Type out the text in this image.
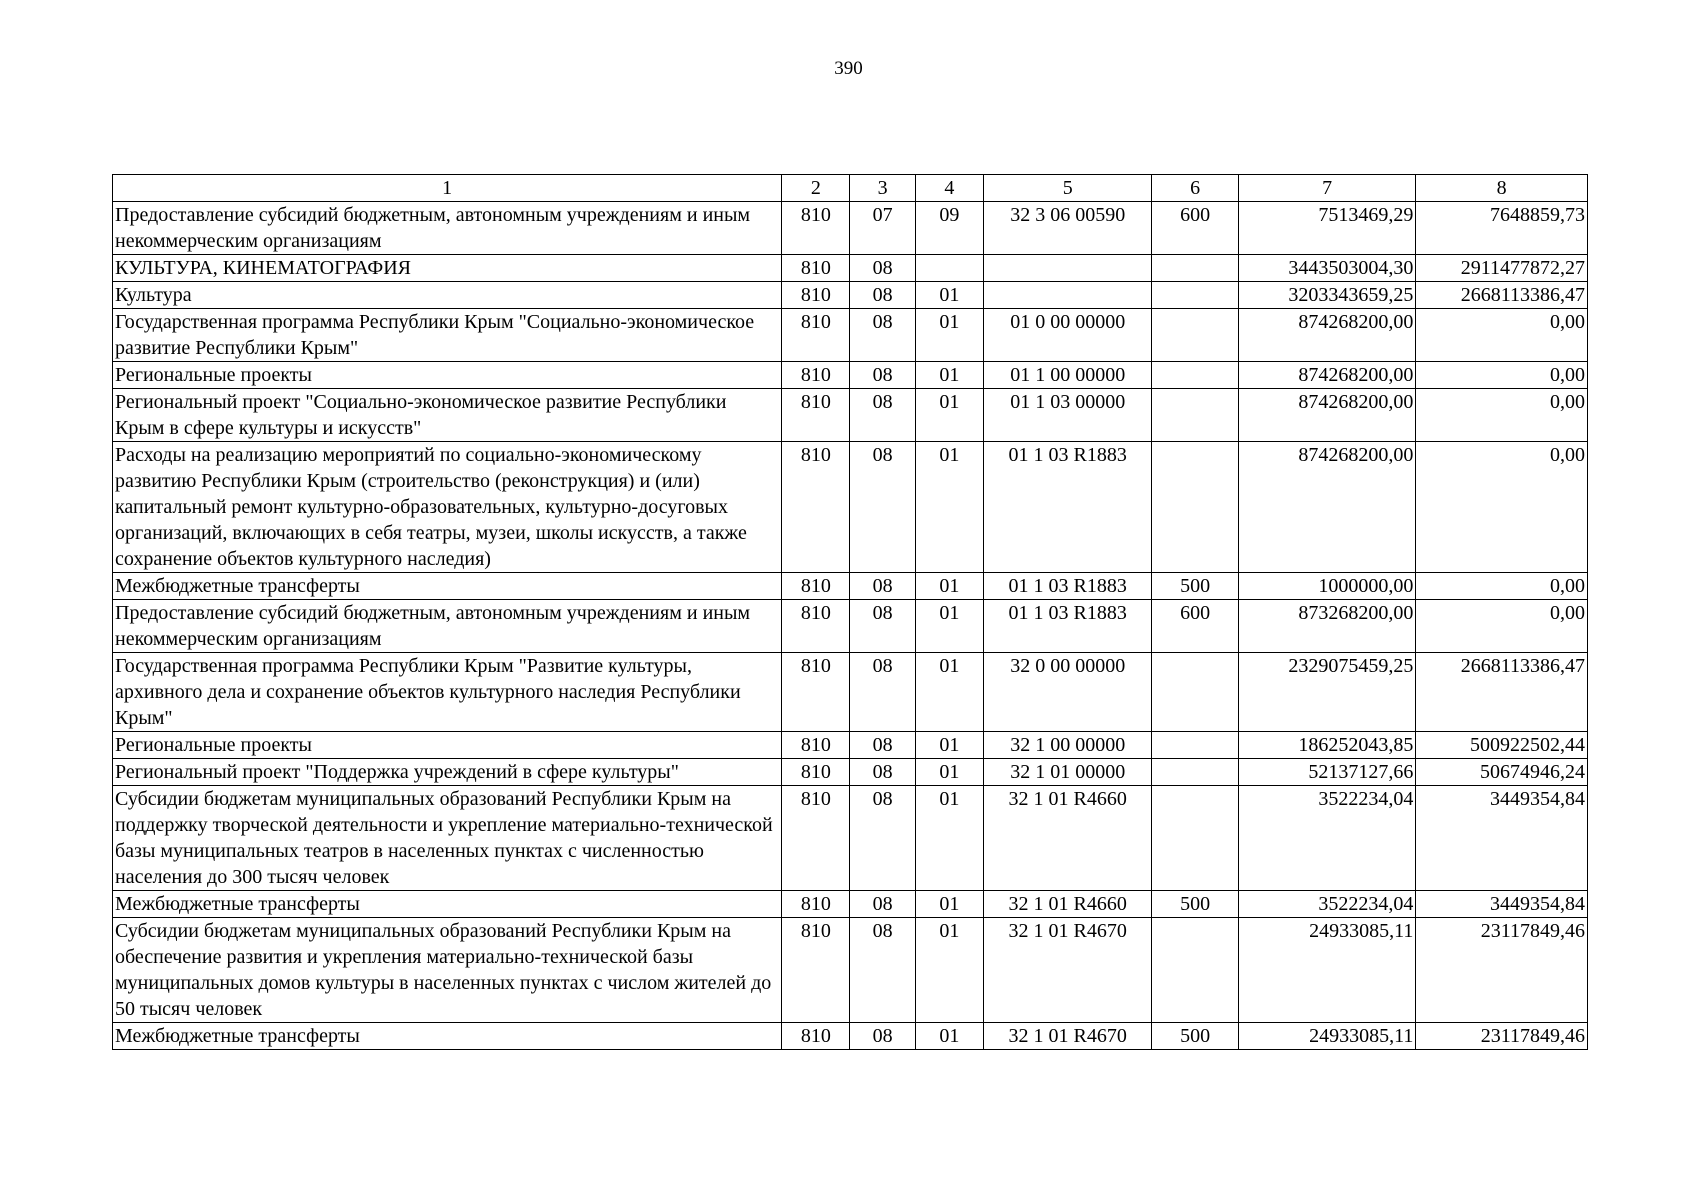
390
1	2	3	4	5	6	7	8
Предоставление субсидий бюджетным, автономным учреждениям и иным некоммерческим организациям	810	07	09	32 3 06 00590	600	7513469,29	7648859,73
КУЛЬТУРА, КИНЕМАТОГРАФИЯ	810	08				3443503004,30	2911477872,27
Культура	810	08	01			3203343659,25	2668113386,47
Государственная программа Республики Крым "Социально-экономическое развитие Республики Крым"	810	08	01	01 0 00 00000		874268200,00	0,00
Региональные проекты	810	08	01	01 1 00 00000		874268200,00	0,00
Региональный проект "Социально-экономическое развитие Республики Крым в сфере культуры и искусств"	810	08	01	01 1 03 00000		874268200,00	0,00
Расходы на реализацию мероприятий по социально-экономическому развитию Республики Крым (строительство (реконструкция) и (или) капитальный ремонт культурно-образовательных, культурно-досуговых организаций, включающих в себя театры, музеи, школы искусств, а также сохранение объектов культурного наследия)	810	08	01	01 1 03 R1883		874268200,00	0,00
Межбюджетные трансферты	810	08	01	01 1 03 R1883	500	1000000,00	0,00
Предоставление субсидий бюджетным, автономным учреждениям и иным некоммерческим организациям	810	08	01	01 1 03 R1883	600	873268200,00	0,00
Государственная программа Республики Крым "Развитие культуры, архивного дела и сохранение объектов культурного наследия Республики Крым"	810	08	01	32 0 00 00000		2329075459,25	2668113386,47
Региональные проекты	810	08	01	32 1 00 00000		186252043,85	500922502,44
Региональный проект "Поддержка учреждений в сфере культуры"	810	08	01	32 1 01 00000		52137127,66	50674946,24
Субсидии бюджетам муниципальных образований Республики Крым на поддержку творческой деятельности и укрепление материально-технической базы муниципальных театров в населенных пунктах с численностью населения до 300 тысяч человек	810	08	01	32 1 01 R4660		3522234,04	3449354,84
Межбюджетные трансферты	810	08	01	32 1 01 R4660	500	3522234,04	3449354,84
Субсидии бюджетам муниципальных образований Республики Крым на обеспечение развития и укрепления материально-технической базы муниципальных домов культуры в населенных пунктах с числом жителей до 50 тысяч человек	810	08	01	32 1 01 R4670		24933085,11	23117849,46
Межбюджетные трансферты	810	08	01	32 1 01 R4670	500	24933085,11	23117849,46
